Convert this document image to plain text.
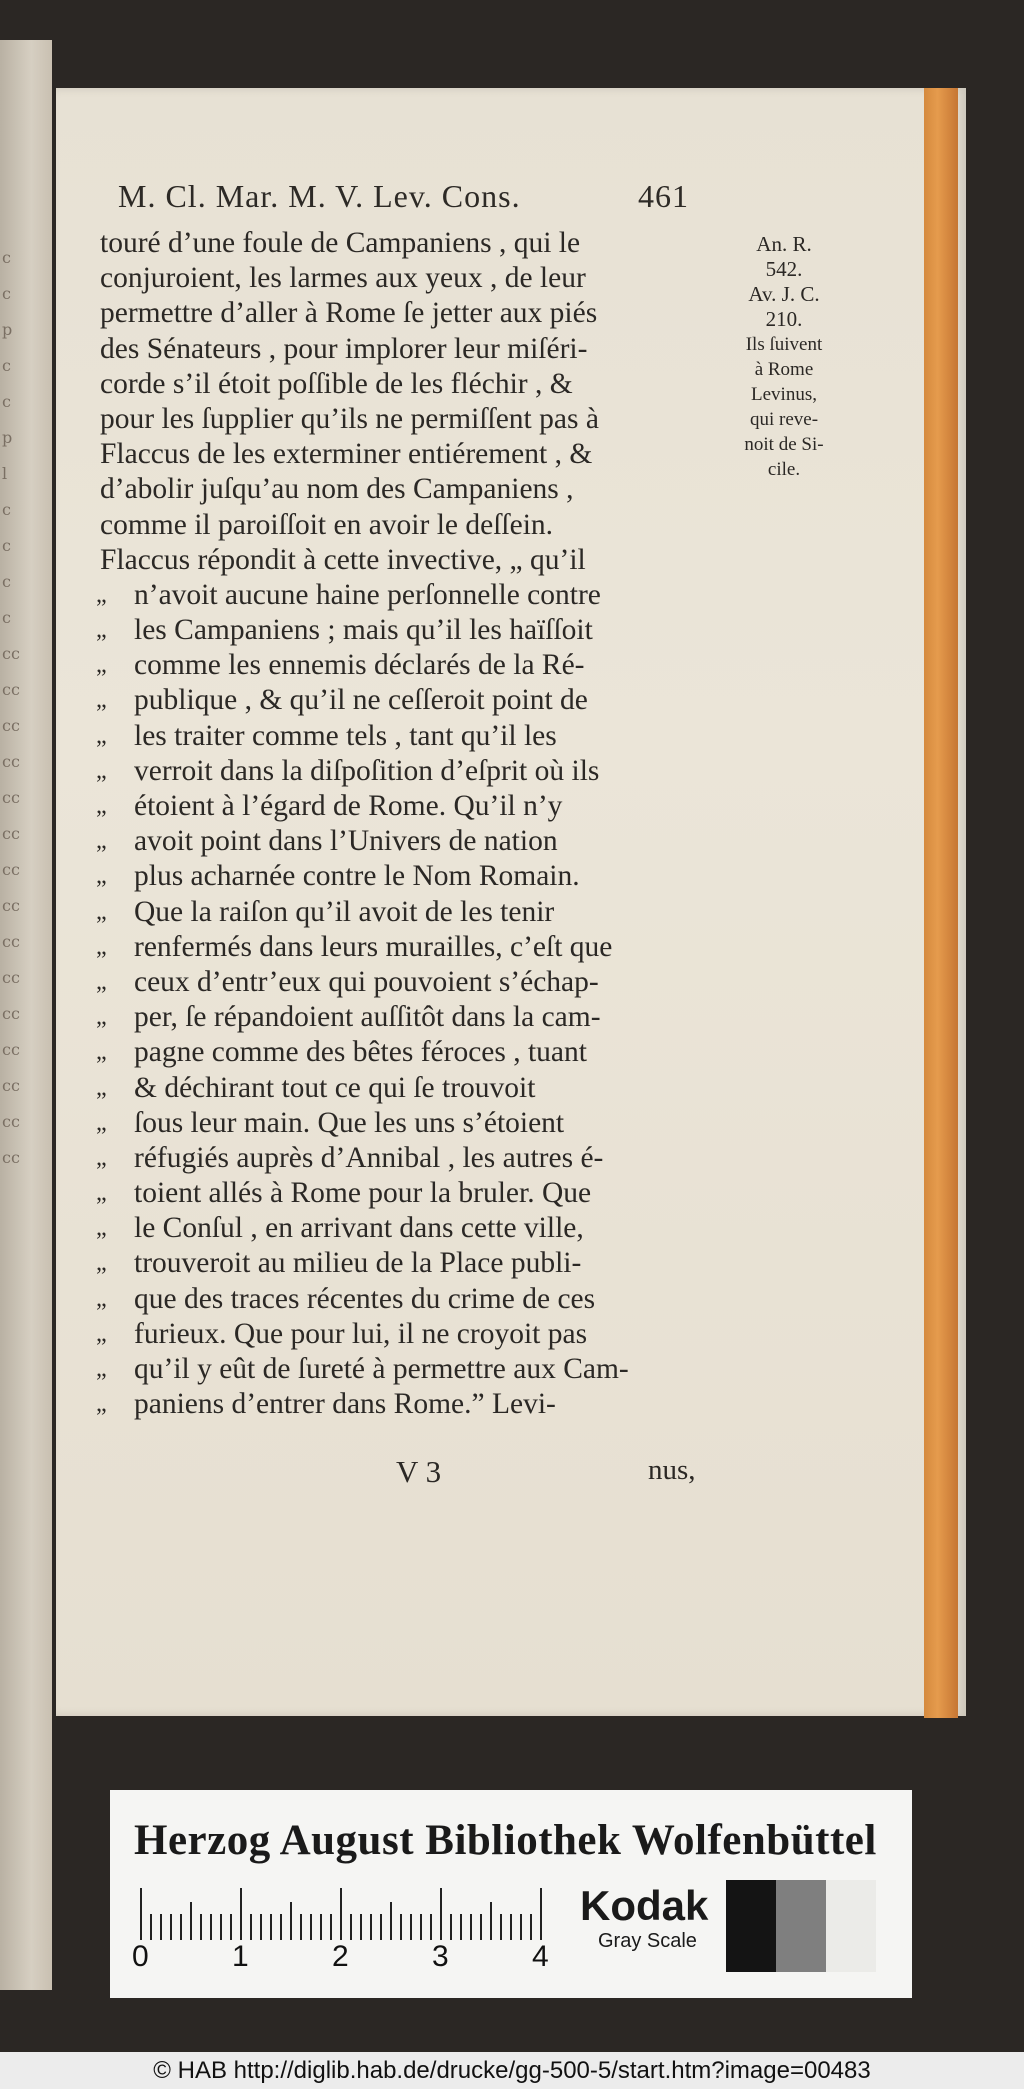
c
c
p
c
c
p
l
c
c
c
c
cc
cc
cc
cc
cc
cc
cc
cc
cc
cc
cc
cc
cc
cc
cc
M. Cl. Mar. M. V. Lev. Cons.	461
touré d’une foule de Campaniens , qui le
conjuroient, les larmes aux yeux , de leur
permettre d’aller à Rome ſe jetter aux piés
des Sénateurs , pour implorer leur miſéri-
corde s’il étoit poſſible de les fléchir , &
pour les ſupplier qu’ils ne permiſſent pas à
Flaccus de les exterminer entiérement , &
d’abolir juſqu’au nom des Campaniens ,
comme il paroiſſoit en avoir le deſſein.
Flaccus répondit à cette invective, „ qu’il
„ n’avoit aucune haine perſonnelle contre
„ les Campaniens ; mais qu’il les haïſſoit
„ comme les ennemis déclarés de la Ré-
„ publique , & qu’il ne ceſſeroit point de
„ les traiter comme tels , tant qu’il les
„ verroit dans la diſpoſition d’eſprit où ils
„ étoient à l’égard de Rome. Qu’il n’y
„ avoit point dans l’Univers de nation
„ plus acharnée contre le Nom Romain.
„ Que la raiſon qu’il avoit de les tenir
„ renfermés dans leurs murailles, c’eſt que
„ ceux d’entr’eux qui pouvoient s’échap-
„ per, ſe répandoient auſſitôt dans la cam-
„ pagne comme des bêtes féroces , tuant
„ & déchirant tout ce qui ſe trouvoit
„ ſous leur main. Que les uns s’étoient
„ réfugiés auprès d’Annibal , les autres é-
„ toient allés à Rome pour la bruler. Que
„ le Conſul , en arrivant dans cette ville,
„ trouveroit au milieu de la Place publi-
„ que des traces récentes du crime de ces
„ furieux. Que pour lui, il ne croyoit pas
„ qu’il y eût de ſureté à permettre aux Cam-
„ paniens d’entrer dans Rome.” Levi-
An. R.
542.
Av. J. C.
210.
Ils ſuivent
à Rome
Levinus,
qui reve-
noit de Si-
cile.
V 3	nus,
Herzog August Bibliothek Wolfenbüttel
0	1	2	3	4
Kodak
Gray Scale
© HAB http://diglib.hab.de/drucke/gg-500-5/start.htm?image=00483
